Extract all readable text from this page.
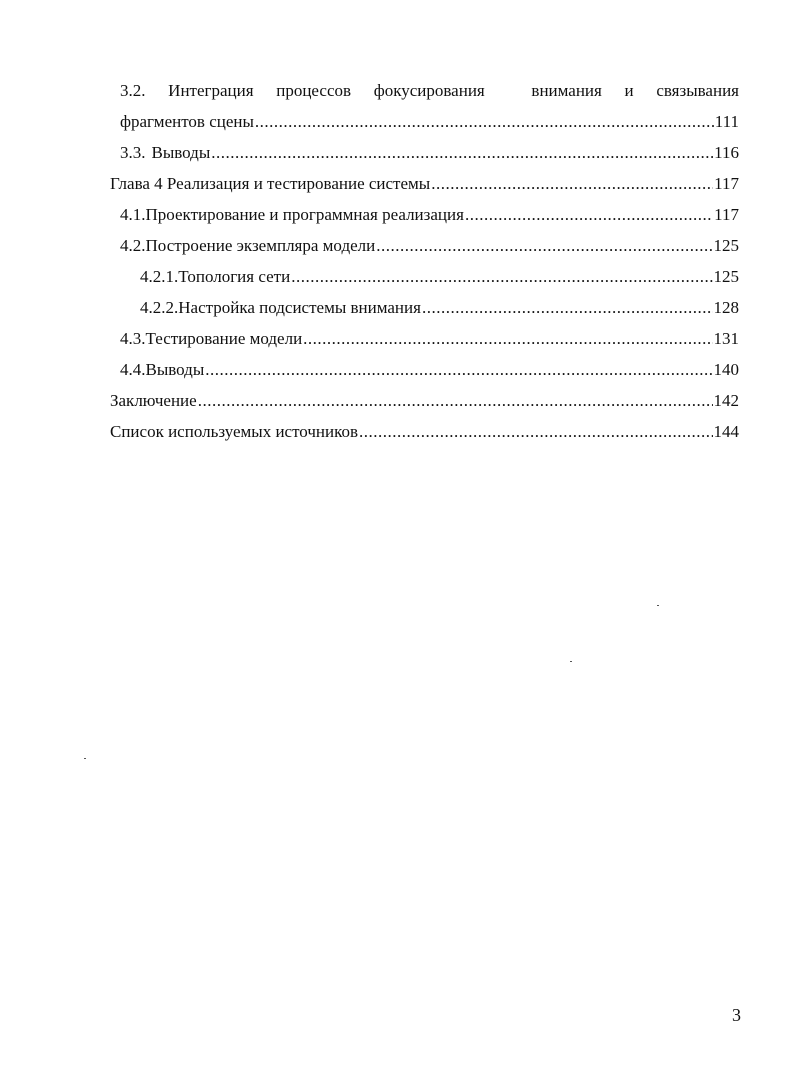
3.2. Интеграция процессов фокусирования	внимания и связывания
фрагментов сцены .....	111
3.3. Выводы .....	116
Глава 4 Реализация и тестирование системы .....	117
4.1. Проектирование и программная реализация .....	117
4.2. Построение экземпляра модели .....	125
4.2.1. Топология сети .....	125
4.2.2. Настройка подсистемы внимания .....	128
4.3. Тестирование модели .....	131
4.4. Выводы .....	140
Заключение .....	142
Список используемых источников .....	144
3
